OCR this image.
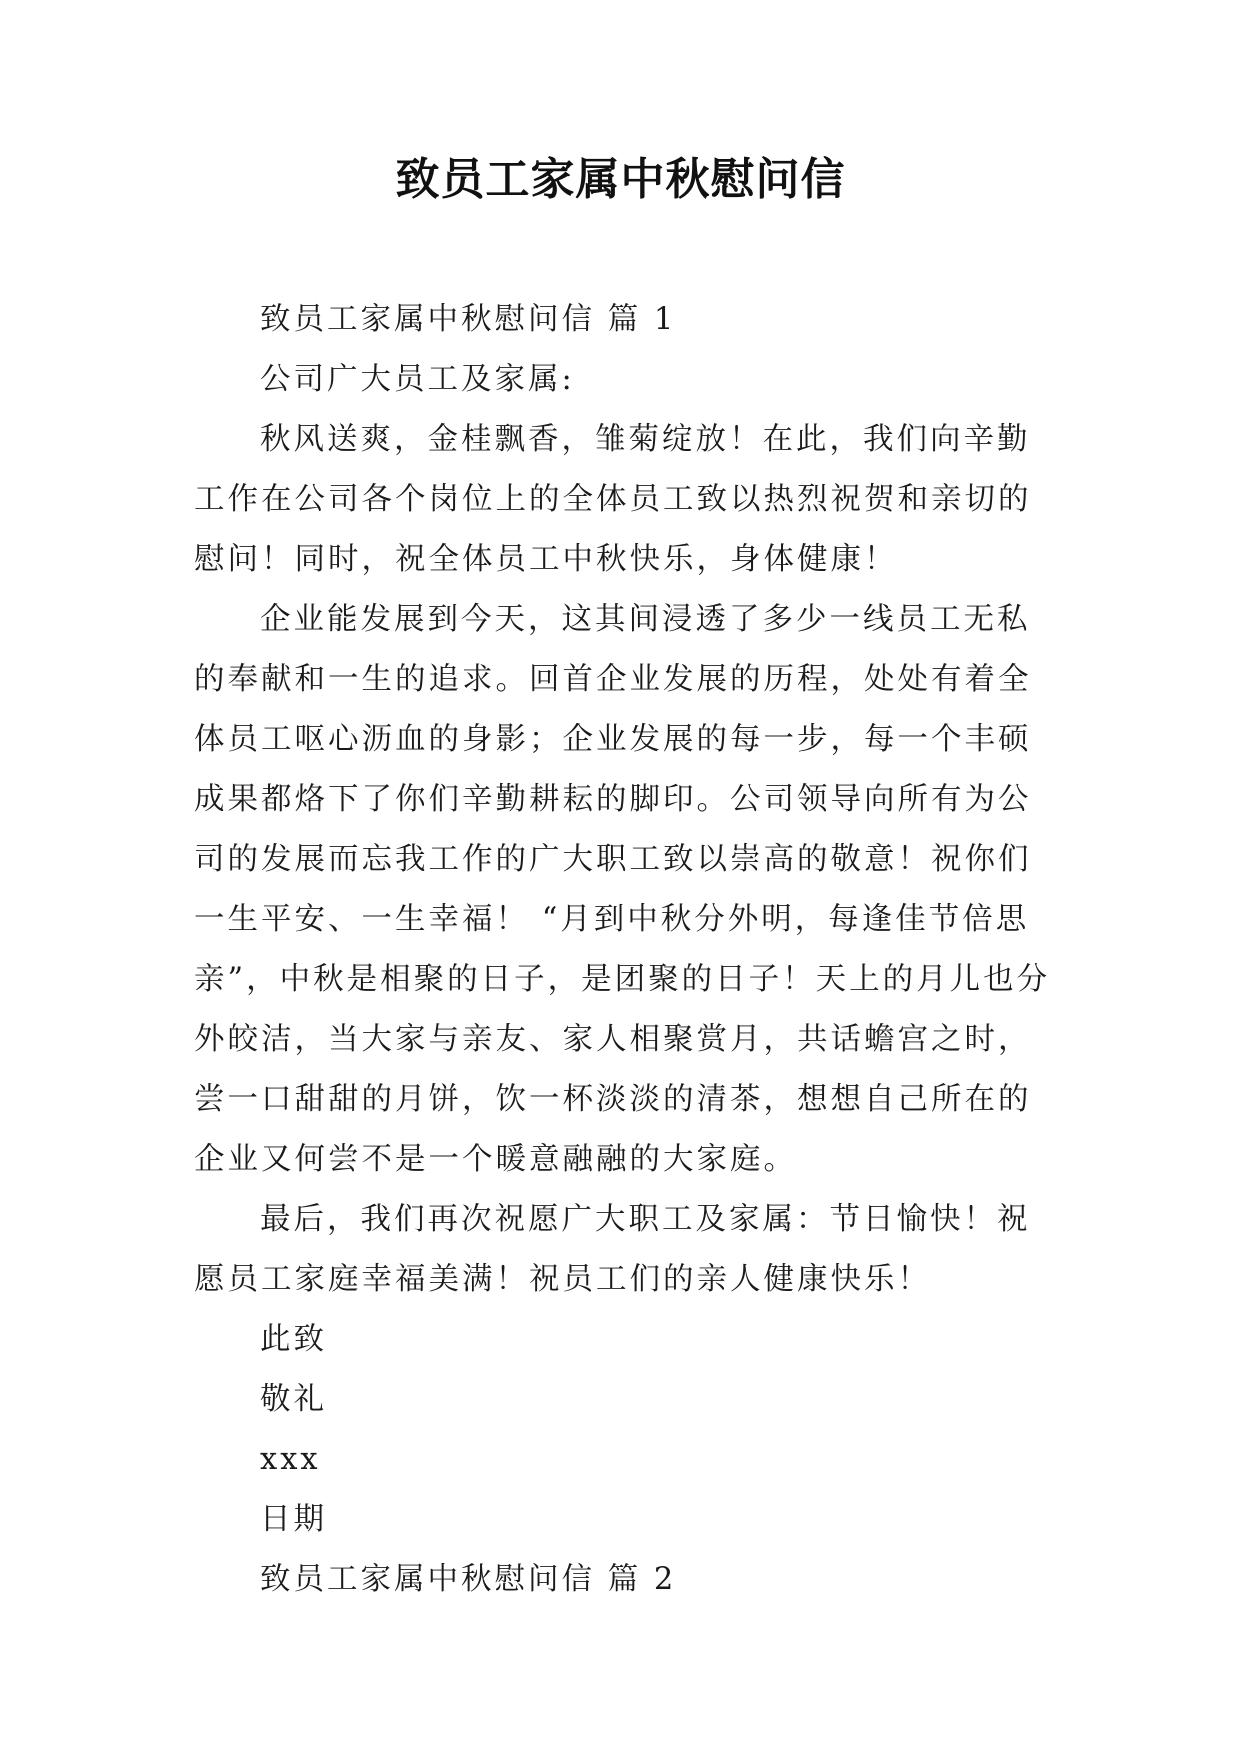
致员工家属中秋慰问信

致员工家属中秋慰问信 篇 1

公司广大员工及家属:

秋风送爽，金桂飘香，雏菊绽放！在此，我们向辛勤工作在公司各个岗位上的全体员工致以热烈祝贺和亲切的慰问！同时，祝全体员工中秋快乐，身体健康！

企业能发展到今天，这其间浸透了多少一线员工无私的奉献和一生的追求。回首企业发展的历程，处处有着全体员工呕心沥血的身影；企业发展的每一步，每一个丰硕成果都烙下了你们辛勤耕耘的脚印。公司领导向所有为公司的发展而忘我工作的广大职工致以崇高的敬意！祝你们一生平安、一生幸福！ “月到中秋分外明，每逢佳节倍思亲”，中秋是相聚的日子，是团聚的日子！天上的月儿也分外皎洁，当大家与亲友、家人相聚赏月，共话蟾宫之时，尝一口甜甜的月饼，饮一杯淡淡的清茶，想想自己所在的企业又何尝不是一个暖意融融的大家庭。

最后，我们再次祝愿广大职工及家属：节日愉快！祝愿员工家庭幸福美满！祝员工们的亲人健康快乐！

此致

敬礼

xxx

日期

致员工家属中秋慰问信 篇 2
